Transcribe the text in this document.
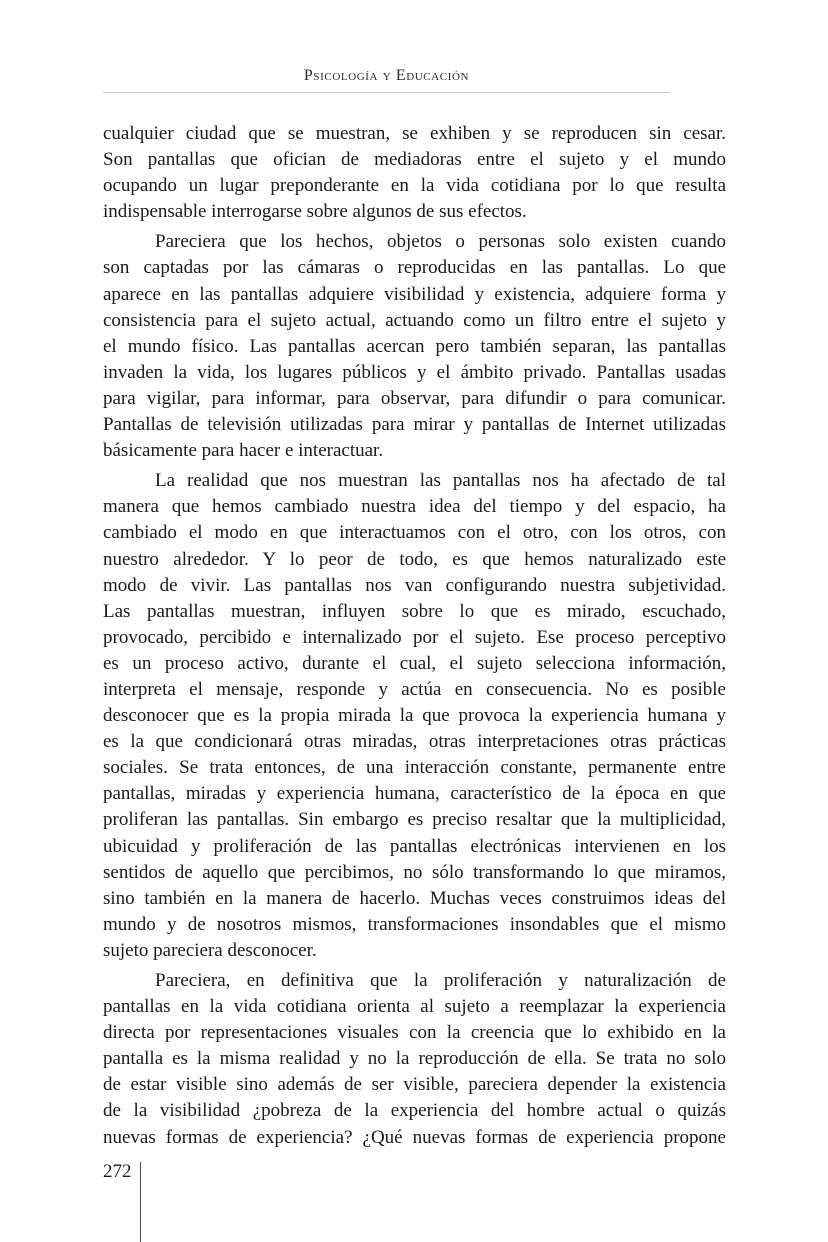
Psicología y Educación

cualquier ciudad que se muestran, se exhiben y se reproducen sin cesar.
Son pantallas que ofician de mediadoras entre el sujeto y el mundo
ocupando un lugar preponderante en la vida cotidiana por lo que resulta
indispensable interrogarse sobre algunos de sus efectos.

Pareciera que los hechos, objetos o personas solo existen cuando
son captadas por las cámaras o reproducidas en las pantallas. Lo que
aparece en las pantallas adquiere visibilidad y existencia, adquiere forma y
consistencia para el sujeto actual, actuando como un filtro entre el sujeto y
el mundo físico. Las pantallas acercan pero también separan, las pantallas
invaden la vida, los lugares públicos y el ámbito privado. Pantallas usadas
para vigilar, para informar, para observar, para difundir o para comunicar.
Pantallas de televisión utilizadas para mirar y pantallas de Internet utilizadas
básicamente para hacer e interactuar.

La realidad que nos muestran las pantallas nos ha afectado de tal
manera que hemos cambiado nuestra idea del tiempo y del espacio, ha
cambiado el modo en que interactuamos con el otro, con los otros, con
nuestro alrededor. Y lo peor de todo, es que hemos naturalizado este
modo de vivir. Las pantallas nos van configurando nuestra subjetividad.
Las pantallas muestran, influyen sobre lo que es mirado, escuchado,
provocado, percibido e internalizado por el sujeto. Ese proceso perceptivo
es un proceso activo, durante el cual, el sujeto selecciona información,
interpreta el mensaje, responde y actúa en consecuencia. No es posible
desconocer que es la propia mirada la que provoca la experiencia humana y
es la que condicionará otras miradas, otras interpretaciones otras prácticas
sociales. Se trata entonces, de una interacción constante, permanente entre
pantallas, miradas y experiencia humana, característico de la época en que
proliferan las pantallas. Sin embargo es preciso resaltar que la multiplicidad,
ubicuidad y proliferación de las pantallas electrónicas intervienen en los
sentidos de aquello que percibimos, no sólo transformando lo que miramos,
sino también en la manera de hacerlo. Muchas veces construimos ideas del
mundo y de nosotros mismos, transformaciones insondables que el mismo
sujeto pareciera desconocer.

Pareciera, en definitiva que la proliferación y naturalización de
pantallas en la vida cotidiana orienta al sujeto a reemplazar la experiencia
directa por representaciones visuales con la creencia que lo exhibido en la
pantalla es la misma realidad y no la reproducción de ella. Se trata no solo
de estar visible sino además de ser visible, pareciera depender la existencia
de la visibilidad ¿pobreza de la experiencia del hombre actual o quizás
nuevas formas de experiencia? ¿Qué nuevas formas de experiencia propone

272
